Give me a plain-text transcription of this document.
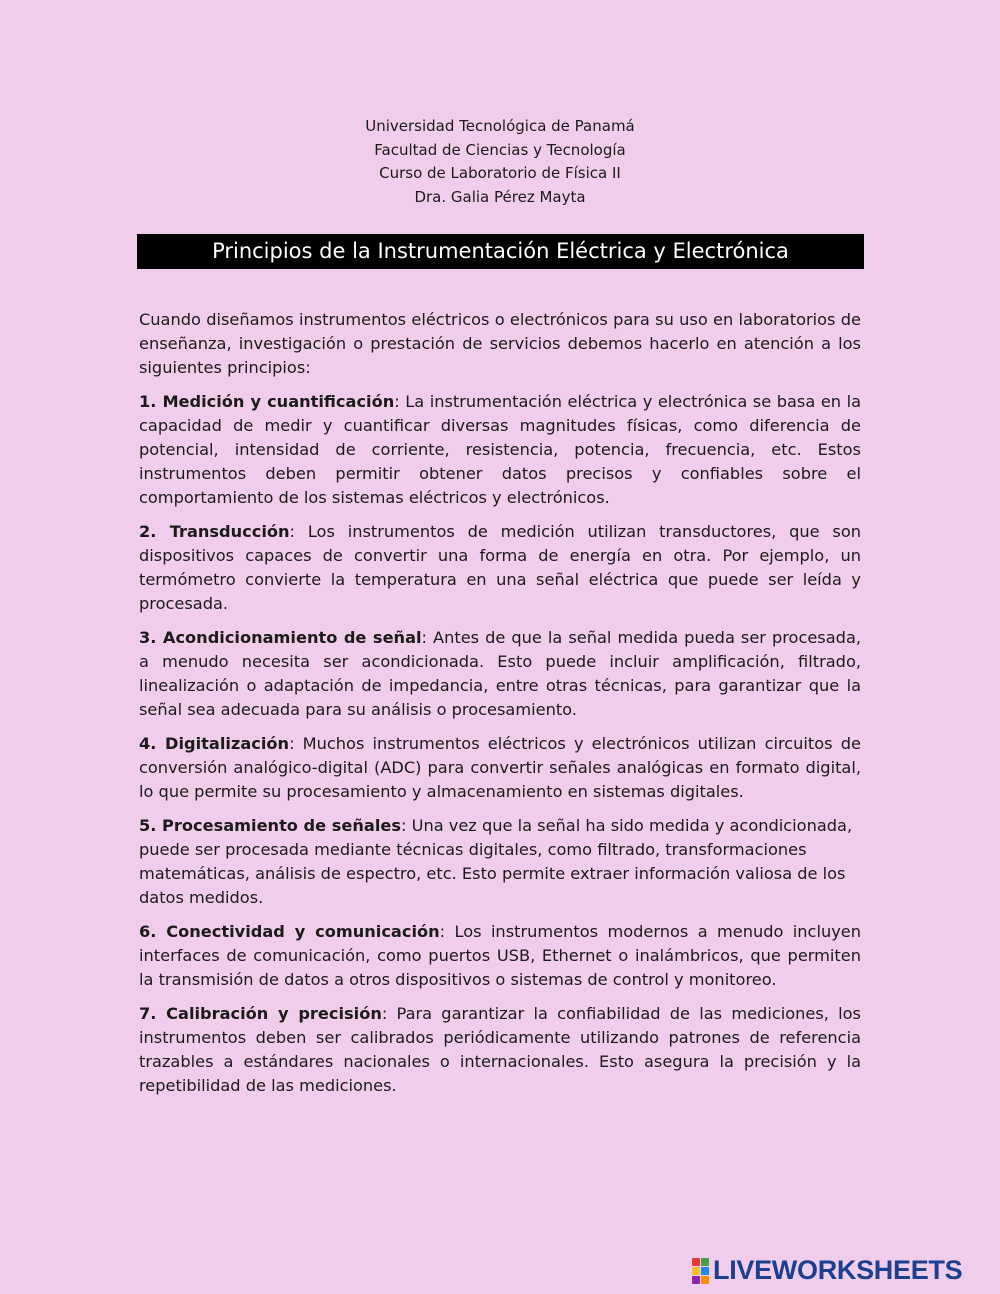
Universidad Tecnológica de Panamá
Facultad de Ciencias y Tecnología
Curso de Laboratorio de Física II
Dra. Galia Pérez Mayta
Principios de la Instrumentación Eléctrica y Electrónica

Cuando diseñamos instrumentos eléctricos o electrónicos para su uso en laboratorios de enseñanza, investigación o prestación de servicios debemos hacerlo en atención a los siguientes principios:

1. Medición y cuantificación: La instrumentación eléctrica y electrónica se basa en la capacidad de medir y cuantificar diversas magnitudes físicas, como diferencia de potencial, intensidad de corriente, resistencia, potencia, frecuencia, etc. Estos instrumentos deben permitir obtener datos precisos y confiables sobre el comportamiento de los sistemas eléctricos y electrónicos.

2. Transducción: Los instrumentos de medición utilizan transductores, que son dispositivos capaces de convertir una forma de energía en otra. Por ejemplo, un termómetro convierte la temperatura en una señal eléctrica que puede ser leída y procesada.

3. Acondicionamiento de señal: Antes de que la señal medida pueda ser procesada, a menudo necesita ser acondicionada. Esto puede incluir amplificación, filtrado, linealización o adaptación de impedancia, entre otras técnicas, para garantizar que la señal sea adecuada para su análisis o procesamiento.

4. Digitalización: Muchos instrumentos eléctricos y electrónicos utilizan circuitos de conversión analógico-digital (ADC) para convertir señales analógicas en formato digital, lo que permite su procesamiento y almacenamiento en sistemas digitales.

5. Procesamiento de señales: Una vez que la señal ha sido medida y acondicionada, puede ser procesada mediante técnicas digitales, como filtrado, transformaciones matemáticas, análisis de espectro, etc. Esto permite extraer información valiosa de los datos medidos.

6. Conectividad y comunicación: Los instrumentos modernos a menudo incluyen interfaces de comunicación, como puertos USB, Ethernet o inalámbricos, que permiten la transmisión de datos a otros dispositivos o sistemas de control y monitoreo.

7. Calibración y precisión: Para garantizar la confiabilidad de las mediciones, los instrumentos deben ser calibrados periódicamente utilizando patrones de referencia trazables a estándares nacionales o internacionales. Esto asegura la precisión y la repetibilidad de las mediciones.

LIVEWORKSHEETS
